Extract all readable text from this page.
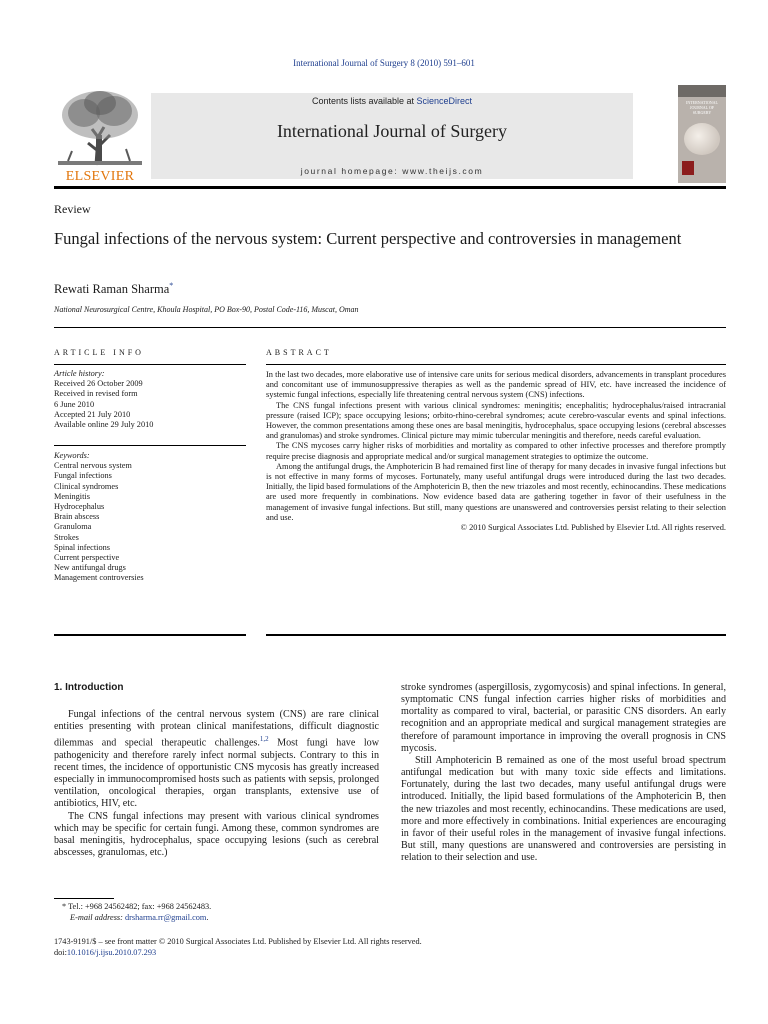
International Journal of Surgery 8 (2010) 591–601
ELSEVIER
Contents lists available at ScienceDirect
International Journal of Surgery
journal homepage: www.theijs.com
INTERNATIONAL JOURNAL OF SURGERY
Review
Fungal infections of the nervous system: Current perspective and controversies in management
Rewati Raman Sharma*
National Neurosurgical Centre, Khoula Hospital, PO Box-90, Postal Code-116, Muscat, Oman
ARTICLE INFO	ABSTRACT
Article history:
Received 26 October 2009
Received in revised form
6 June 2010
Accepted 21 July 2010
Available online 29 July 2010
Keywords:
Central nervous system
Fungal infections
Clinical syndromes
Meningitis
Hydrocephalus
Brain abscess
Granuloma
Strokes
Spinal infections
Current perspective
New antifungal drugs
Management controversies

In the last two decades, more elaborative use of intensive care units for serious medical disorders, advancements in transplant procedures and concomitant use of immunosuppressive therapies as well as the pandemic spread of HIV, etc. have increased the incidence of systemic fungal infections, especially life threatening central nervous system (CNS) infections.

The CNS fungal infections present with various clinical syndromes: meningitis; encephalitis; hydrocephalus/raised intracranial pressure (raised ICP); space occupying lesions; orbito-rhino-cerebral syndromes; acute cerebro-vascular events and spinal infections. However, the common presentations among these ones are basal meningitis, hydrocephalus, space occupying lesions (cerebral abscesses and granulomas) and stroke syndromes. Clinical picture may mimic tubercular meningitis and therefore, needs careful evaluation.

The CNS mycoses carry higher risks of morbidities and mortality as compared to other infective processes and therefore promptly require precise diagnosis and appropriate medical and/or surgical management strategies to optimize the outcome.

Among the antifungal drugs, the Amphotericin B had remained first line of therapy for many decades in invasive fungal infections but is not effective in many forms of mycoses. Fortunately, many useful antifungal drugs were introduced during the last two decades. Initially, the lipid based formulations of the Amphotericin B, then the new triazoles and most recently, echinocandins. These medications are used more frequently in combinations. Now evidence based data are gathering together in favor of their usefulness in the management of invasive fungal infections. But still, many questions are unanswered and controversies persist relating to their selection and use.

© 2010 Surgical Associates Ltd. Published by Elsevier Ltd. All rights reserved.

1. Introduction

Fungal infections of the central nervous system (CNS) are rare clinical entities presenting with protean clinical manifestations, difficult diagnostic dilemmas and special therapeutic challenges.$^{1,2}$ Most fungi have low pathogenicity and therefore rarely infect normal subjects. Contrary to this in recent times, the incidence of opportunistic CNS mycosis has greatly increased especially in immunocompromised hosts such as patients with sepsis, prolonged ventilation, oncological therapies, organ transplants, extensive use of antibiotics, HIV, etc.

The CNS fungal infections may present with various clinical syndromes which may be specific for certain fungi. Among these, common syndromes are basal meningitis, hydrocephalus, space occupying lesions (such as cerebral abscesses, granulomas, etc.)

stroke syndromes (aspergillosis, zygomycosis) and spinal infections. In general, symptomatic CNS fungal infection carries higher risks of morbidities and mortality as compared to viral, bacterial, or parasitic CNS disorders. An early recognition and an appropriate medical and surgical management strategies are therefore of paramount importance in improving the overall prognosis in CNS mycosis.

Still Amphotericin B remained as one of the most useful broad spectrum antifungal medication but with many toxic side effects and limitations. Fortunately, during the last two decades, many useful antifungal drugs were introduced. Initially, the lipid based formulations of the Amphotericin B, then the new triazoles and most recently, echinocandins. These medications are used, more and more effectively in combinations. Initial experiences are encouraging in favor of their useful roles in the management of invasive fungal infections. But still, many questions are unanswered and controversies are persisting in relation to their selection and use.

* Tel.: +968 24562482; fax: +968 24562483.
E-mail address: drsharma.rr@gmail.com.
1743-9191/$ – see front matter © 2010 Surgical Associates Ltd. Published by Elsevier Ltd. All rights reserved.
doi:10.1016/j.ijsu.2010.07.293
